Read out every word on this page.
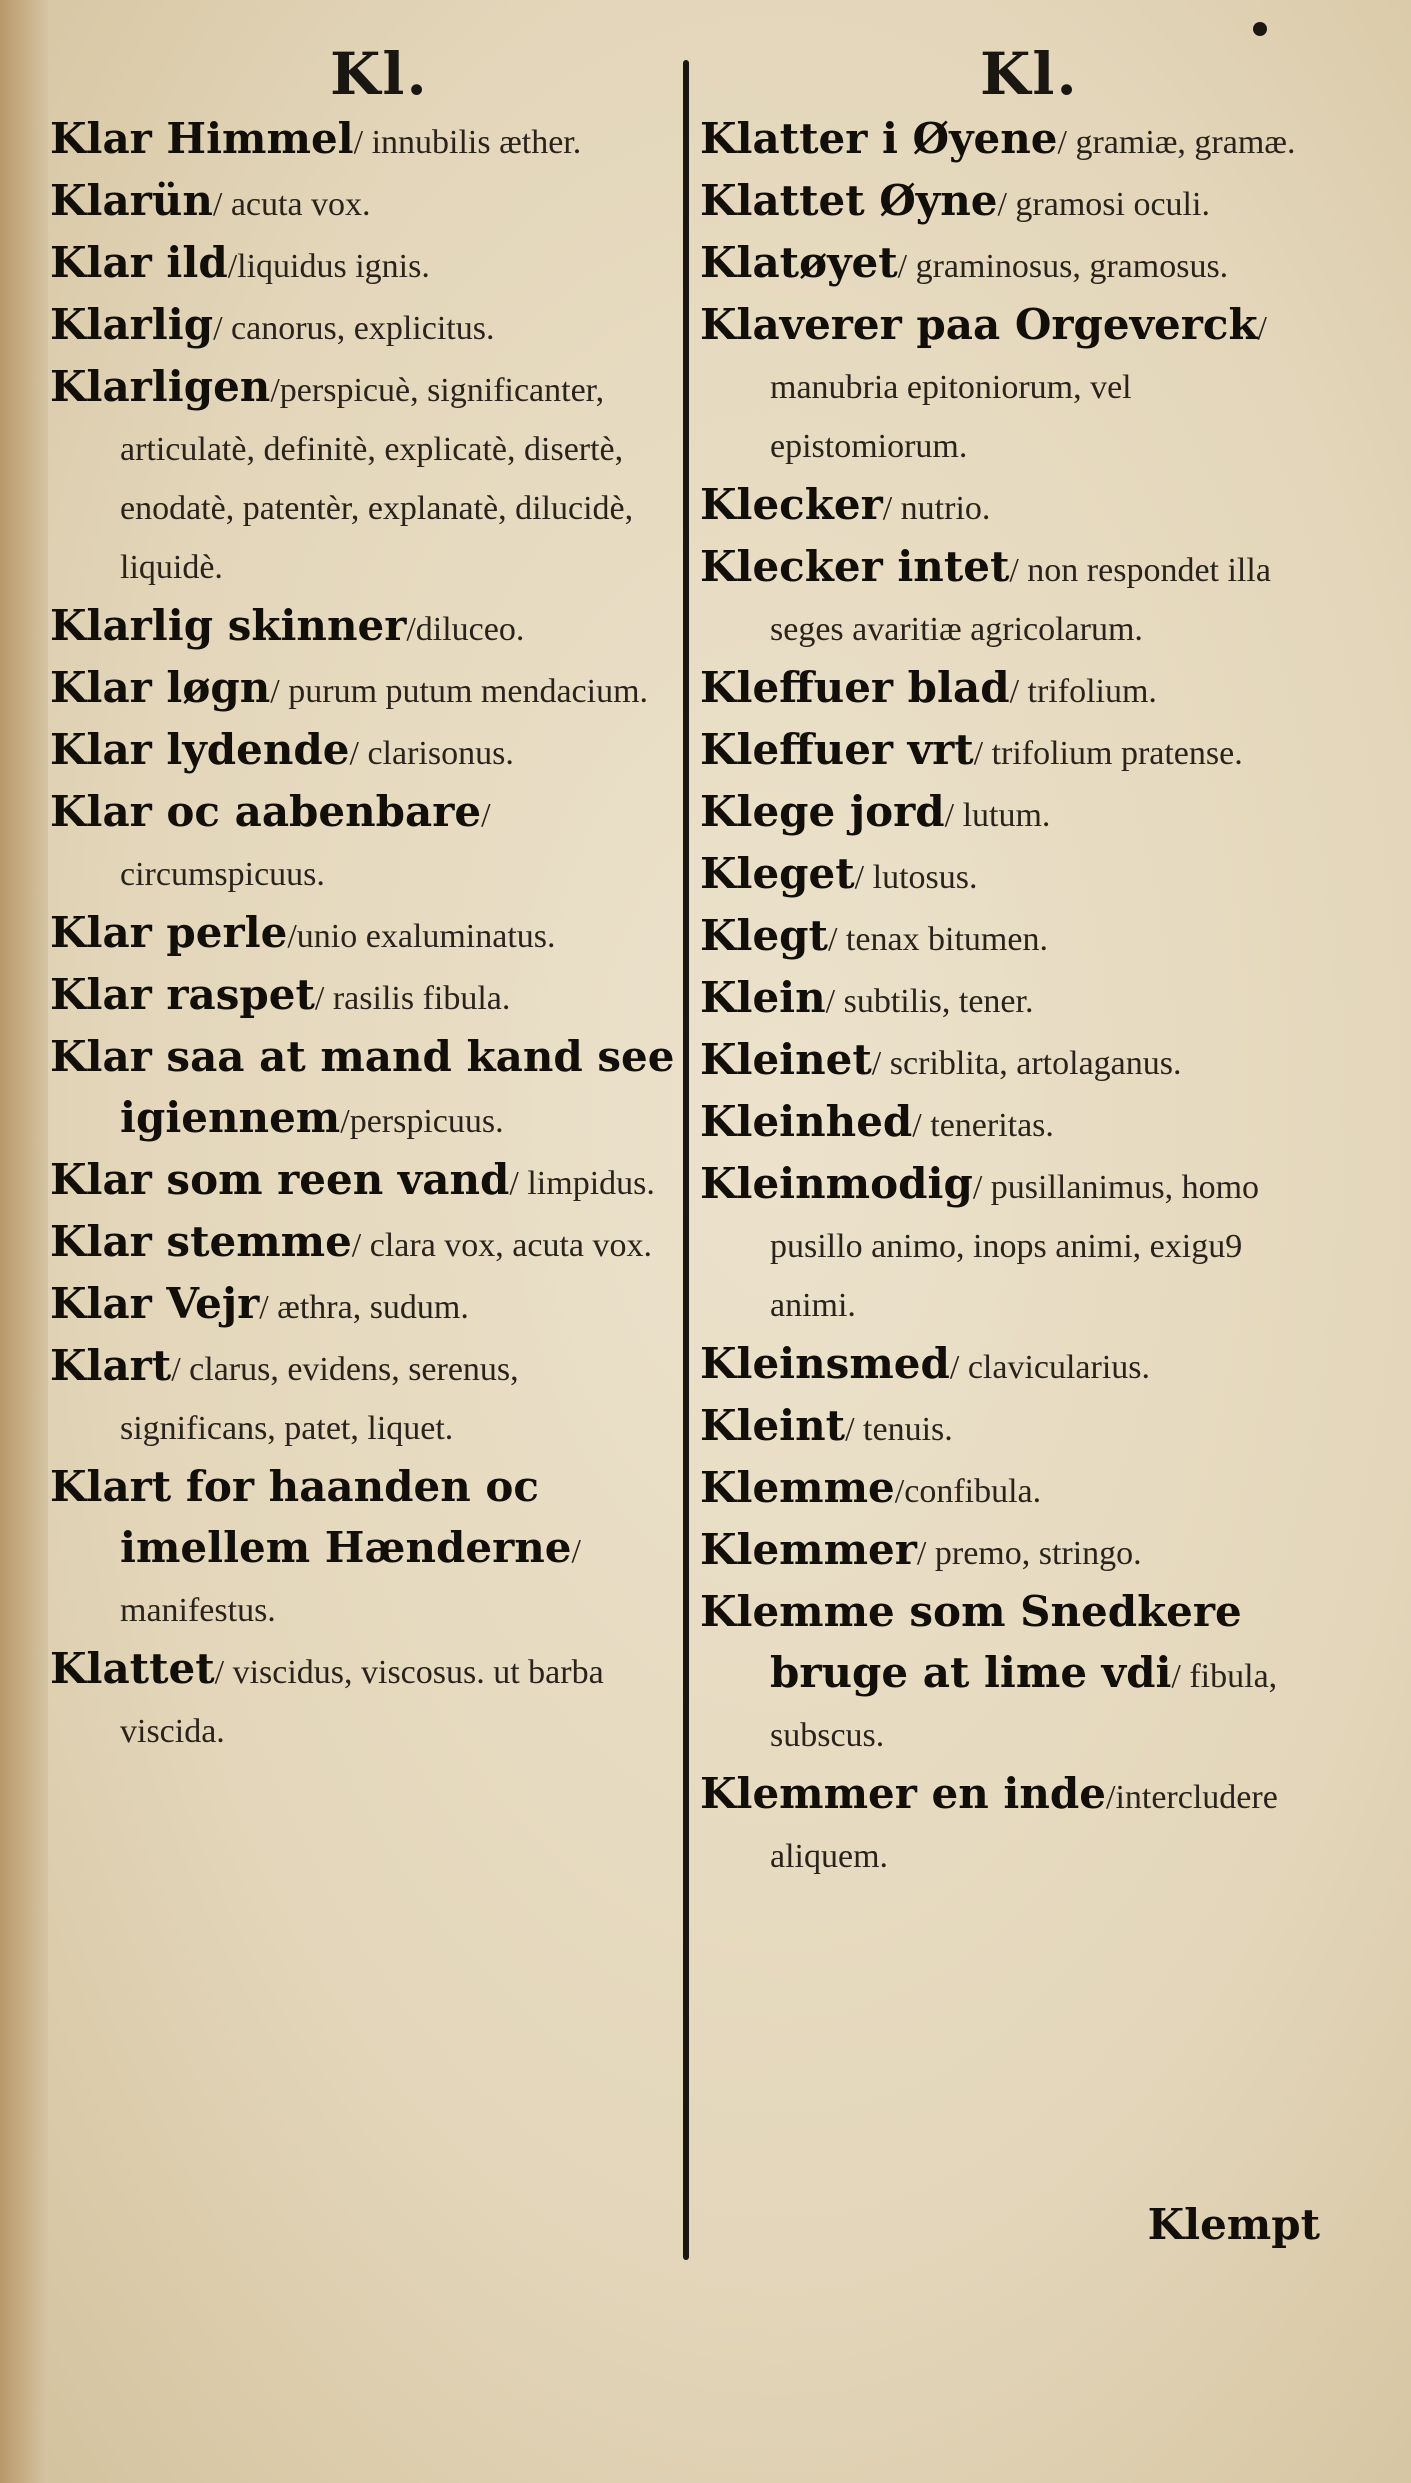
Kl.
Klar Himmel/ innubilis æther.
Klarün/ acuta vox.
Klar ild/liquidus ignis.
Klarlig/ canorus, explicitus.
Klarligen/perspicuè, significanter, articulatè, definitè, explicatè, disertè, enodatè, patentèr, explanatè, dilucidè, liquidè.
Klarlig skinner/diluceo.
Klar løgn/ purum putum mendacium.
Klar lydende/ clarisonus.
Klar oc aabenbare/ circumspicuus.
Klar perle/unio exaluminatus.
Klar raspet/ rasilis fibula.
Klar saa at mand kand see igiennem/perspicuus.
Klar som reen vand/ limpidus.
Klar stemme/ clara vox, acuta vox.
Klar Vejr/ æthra, sudum.
Klart/ clarus, evidens, serenus, significans, patet, liquet.
Klart for haanden oc imellem Hænderne/ manifestus.
Klattet/ viscidus, viscosus. ut barba viscida.
Kl.
Klatter i Øyene/ gramiæ, gramæ.
Klattet Øyne/ gramosi oculi.
Klatøyet/ graminosus, gramosus.
Klaverer paa Orgeverck/ manubria epitoniorum, vel epistomiorum.
Klecker/ nutrio.
Klecker intet/ non respondet illa seges avaritiæ agricolarum.
Kleffuer blad/ trifolium.
Kleffuer vrt/ trifolium pratense.
Klege jord/ lutum.
Kleget/ lutosus.
Klegt/ tenax bitumen.
Klein/ subtilis, tener.
Kleinet/ scriblita, artolaganus.
Kleinhed/ teneritas.
Kleinmodig/ pusillanimus, homo pusillo animo, inops animi, exigu9 animi.
Kleinsmed/ clavicularius.
Kleint/ tenuis.
Klemme/confibula.
Klemmer/ premo, stringo.
Klemme som Snedkere bruge at lime vdi/ fibula, subscus.
Klemmer en inde/intercludere aliquem.
Klempt
